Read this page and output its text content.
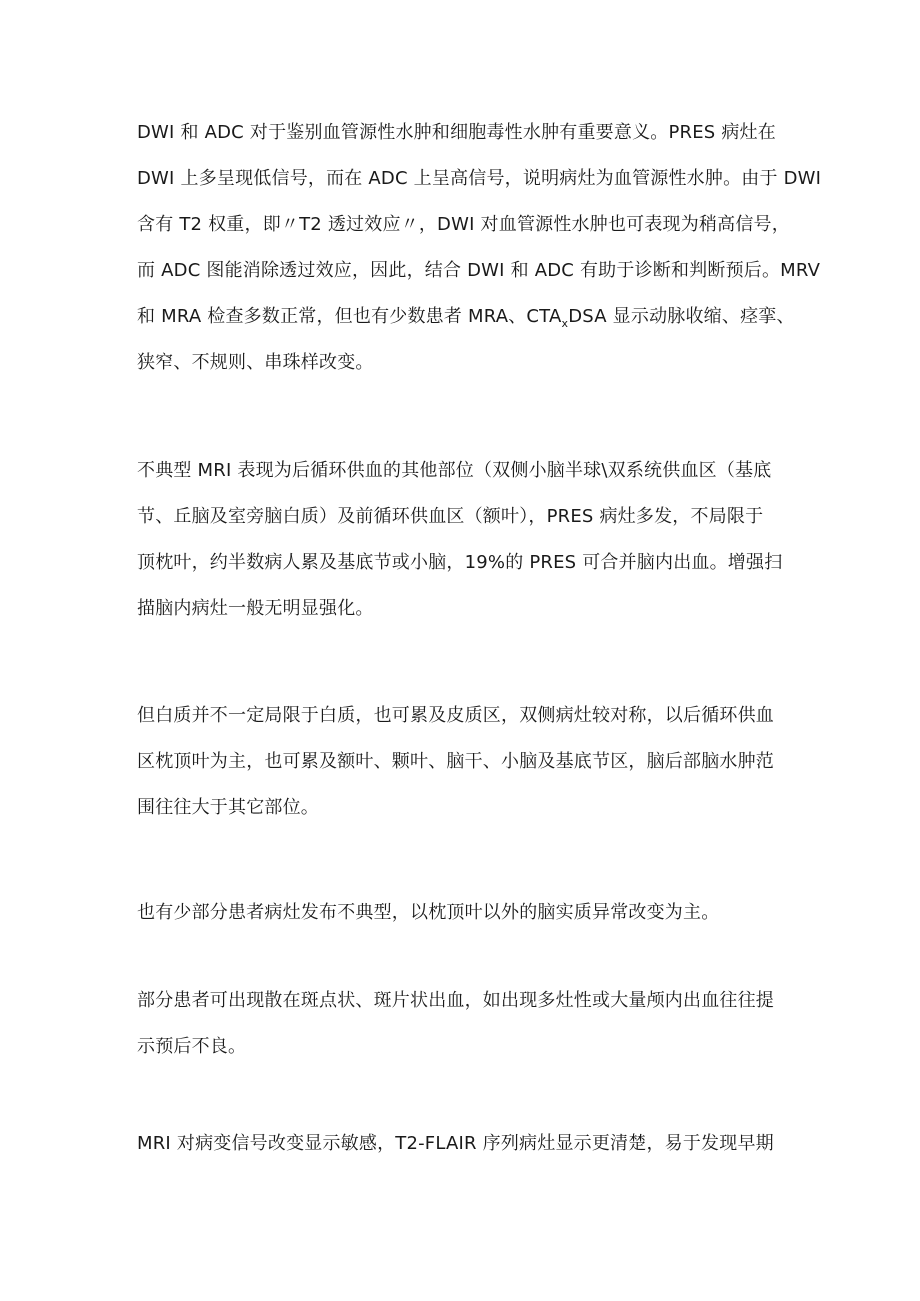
DWI 和 ADC 对于鉴别血管源性水肿和细胞毒性水肿有重要意义。PRES 病灶在
DWI 上多呈现低信号，而在 ADC 上呈高信号，说明病灶为血管源性水肿。由于 DWI
含有 T2 权重，即〃T2 透过效应〃，DWI 对血管源性水肿也可表现为稍高信号，
而 ADC 图能消除透过效应，因此，结合 DWI 和 ADC 有助于诊断和判断预后。MRV
和 MRA 检查多数正常，但也有少数患者 MRA、$CTA_xDSA$ 显示动脉收缩、痉挛、
狭窄、不规则、串珠样改变。
不典型 MRI 表现为后循环供血的其他部位（双侧小脑半球\双系统供血区（基底
节、丘脑及室旁脑白质）及前循环供血区（额叶），PRES 病灶多发，不局限于
顶枕叶，约半数病人累及基底节或小脑，19%的 PRES 可合并脑内出血。增强扫
描脑内病灶一般无明显强化。
但白质并不一定局限于白质，也可累及皮质区，双侧病灶较对称，以后循环供血
区枕顶叶为主，也可累及额叶、颗叶、脑干、小脑及基底节区，脑后部脑水肿范
围往往大于其它部位。
也有少部分患者病灶发布不典型，以枕顶叶以外的脑实质异常改变为主。
部分患者可出现散在斑点状、斑片状出血，如出现多灶性或大量颅内出血往往提
示预后不良。
MRI 对病变信号改变显示敏感，T2-FLAIR 序列病灶显示更清楚，易于发现早期
